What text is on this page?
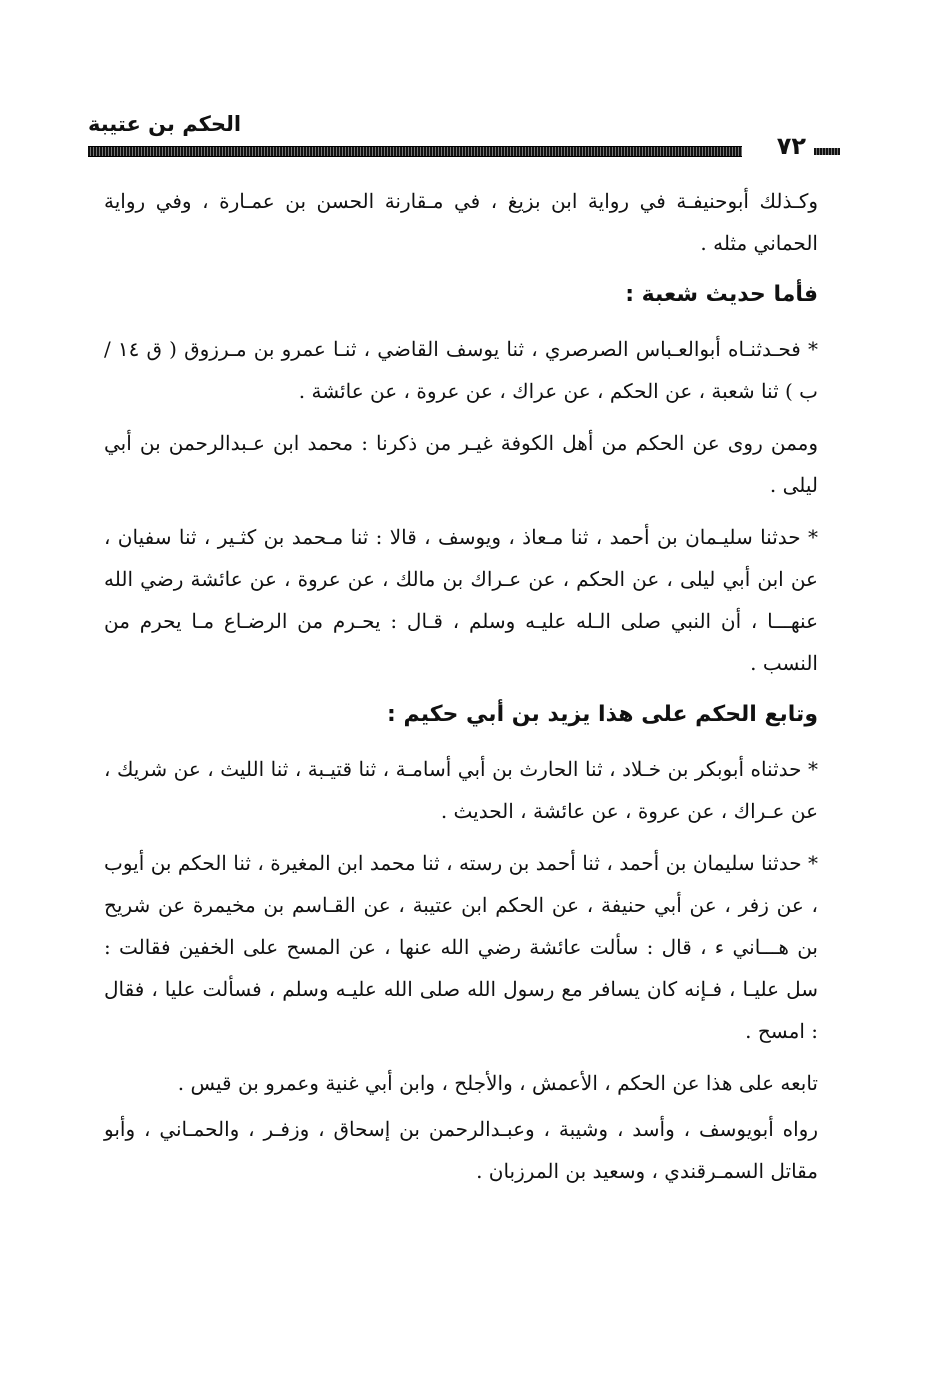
الحكم بن عتيبة
٧٢

وكـذلك أبوحنيفـة في رواية ابن بزيغ ، في مـقارنة الحسن بن عمـارة ، وفي رواية الحماني مثله .

فأما حديث شعبة :

* فحـدثنـاه أبوالعـباس الصرصري ، ثنا يوسف القاضي ، ثنـا عمرو بن مـرزوق ( ق ١٤ / ب ) ثنا شعبة ، عن الحكم ، عن عراك ، عن عروة ، عن عائشة .

وممن روى عن الحكم من أهل الكوفة غيـر من ذكرنا : محمد ابن عـبدالرحمن بن أبي ليلى .

* حدثنا سليـمان بن أحمد ، ثنا مـعاذ ، ويوسف ، قالا : ثنا مـحمد بن كثـير ، ثنا سفيان ، عن ابن أبي ليلى ، عن الحكم ، عن عـراك بن مالك ، عن عروة ، عن عائشة رضي الله عنهـــا ، أن النبي صلى الـله عليـه وسلم ، قـال : يحـرم من الرضـاع مـا يحرم من النسب .

وتابع الحكم على هذا يزيد بن أبي حكيم :

* حدثناه أبوبكر بن خـلاد ، ثنا الحارث بن أبي أسامـة ، ثنا قتيـبة ، ثنا الليث ، عن شريك ، عن عـراك ، عن عروة ، عن عائشة ، الحديث .

* حدثنا سليمان بن أحمد ، ثنا أحمد بن رسته ، ثنا محمد ابن المغيرة ، ثنا الحكم بن أيوب ، عن زفر ، عن أبي حنيفة ، عن الحكم ابن عتيبة ، عن القـاسم بن مخيمرة عن شريح بن هـــاني ء ، قال : سألت عائشة رضي الله عنها ، عن المسح على الخفين فقالت : سل عليـا ، فـإنه كان يسافر مع رسول الله صلى الله عليـه وسلم ، فسألت عليا ، فقال : امسح .

تابعه على هذا عن الحكم ، الأعمش ، والأجلح ، وابن أبي غنية وعمرو بن قيس .

رواه أبويوسف ، وأسد ، وشيبة ، وعبـدالرحمن بن إسحاق ، وزفـر ، والحمـاني ، وأبو مقاتل السمـرقندي ، وسعيد بن المرزبان .
